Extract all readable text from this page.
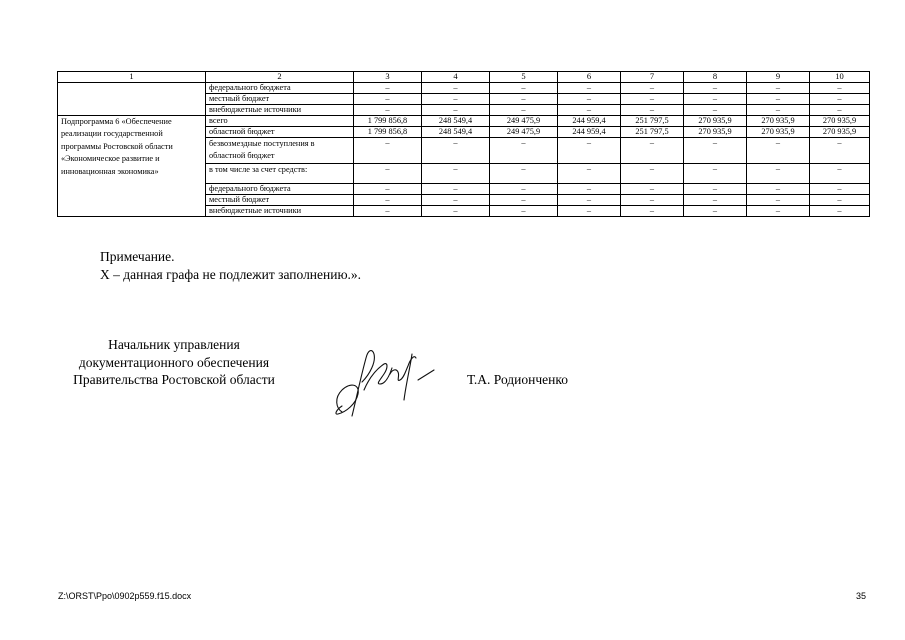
1	2	3	4	5	6	7	8	9	10
	федерального бюджета	–	–	–	–	–	–	–	–
	местный бюджет	–	–	–	–	–	–	–	–
	внебюджетные источники	–	–	–	–	–	–	–	–
Подпрограмма 6 «Обеспечение реализации государственной программы Ростовской области «Экономическое развитие и инновационная экономика»	всего	1 799 856,8	248 549,4	249 475,9	244 959,4	251 797,5	270 935,9	270 935,9	270 935,9
	областной бюджет	1 799 856,8	248 549,4	249 475,9	244 959,4	251 797,5	270 935,9	270 935,9	270 935,9
	безвозмездные поступления в областной бюджет	–	–	–	–	–	–	–	–
	в том числе за счет средств:	–	–	–	–	–	–	–	–
	федерального бюджета	–	–	–	–	–	–	–	–
	местный бюджет	–	–	–	–	–	–	–	–
	внебюджетные источники	–	–	–	–	–	–	–	–
Примечание.
Х – данная графа не подлежит заполнению.».
Начальник управления
документационного обеспечения
Правительства Ростовской области	Т.А. Родионченко
Z:\ORST\Ppo\0902p559.f15.docx	35
